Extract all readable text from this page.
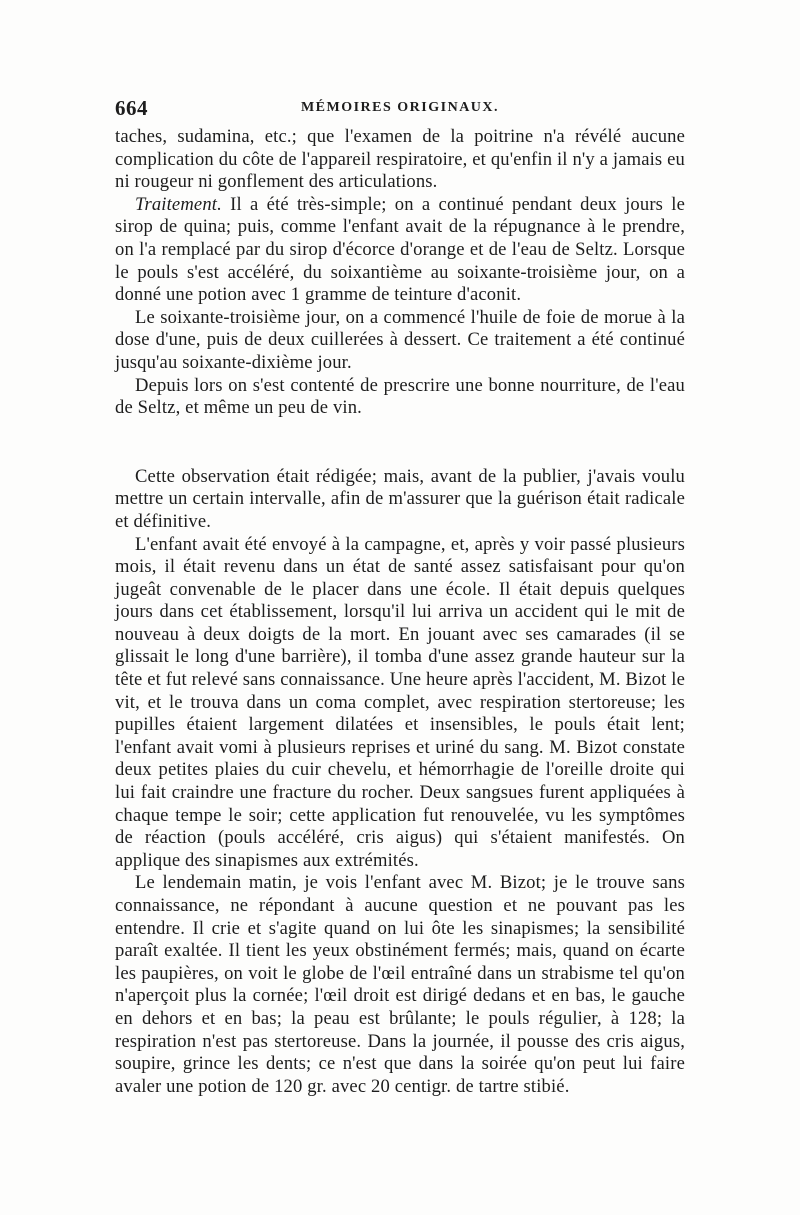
664	MÉMOIRES ORIGINAUX.

taches, sudamina, etc.; que l'examen de la poitrine n'a révélé aucune complication du côte de l'appareil respiratoire, et qu'enfin il n'y a jamais eu ni rougeur ni gonflement des articulations.

Traitement. Il a été très-simple; on a continué pendant deux jours le sirop de quina; puis, comme l'enfant avait de la répugnance à le prendre, on l'a remplacé par du sirop d'écorce d'orange et de l'eau de Seltz. Lorsque le pouls s'est accéléré, du soixantième au soixante-troisième jour, on a donné une potion avec 1 gramme de teinture d'aconit.

Le soixante-troisième jour, on a commencé l'huile de foie de morue à la dose d'une, puis de deux cuillerées à dessert. Ce traitement a été continué jusqu'au soixante-dixième jour.

Depuis lors on s'est contenté de prescrire une bonne nourriture, de l'eau de Seltz, et même un peu de vin.

Cette observation était rédigée; mais, avant de la publier, j'avais voulu mettre un certain intervalle, afin de m'assurer que la guérison était radicale et définitive.

L'enfant avait été envoyé à la campagne, et, après y voir passé plusieurs mois, il était revenu dans un état de santé assez satisfaisant pour qu'on jugeât convenable de le placer dans une école. Il était depuis quelques jours dans cet établissement, lorsqu'il lui arriva un accident qui le mit de nouveau à deux doigts de la mort. En jouant avec ses camarades (il se glissait le long d'une barrière), il tomba d'une assez grande hauteur sur la tête et fut relevé sans connaissance. Une heure après l'accident, M. Bizot le vit, et le trouva dans un coma complet, avec respiration stertoreuse; les pupilles étaient largement dilatées et insensibles, le pouls était lent; l'enfant avait vomi à plusieurs reprises et uriné du sang. M. Bizot constate deux petites plaies du cuir chevelu, et hémorrhagie de l'oreille droite qui lui fait craindre une fracture du rocher. Deux sangsues furent appliquées à chaque tempe le soir; cette application fut renouvelée, vu les symptômes de réaction (pouls accéléré, cris aigus) qui s'étaient manifestés. On applique des sinapismes aux extrémités.

Le lendemain matin, je vois l'enfant avec M. Bizot; je le trouve sans connaissance, ne répondant à aucune question et ne pouvant pas les entendre. Il crie et s'agite quand on lui ôte les sinapismes; la sensibilité paraît exaltée. Il tient les yeux obstinément fermés; mais, quand on écarte les paupières, on voit le globe de l'œil entraîné dans un strabisme tel qu'on n'aperçoit plus la cornée; l'œil droit est dirigé dedans et en bas, le gauche en dehors et en bas; la peau est brûlante; le pouls régulier, à 128; la respiration n'est pas stertoreuse. Dans la journée, il pousse des cris aigus, soupire, grince les dents; ce n'est que dans la soirée qu'on peut lui faire avaler une potion de 120 gr. avec 20 centigr. de tartre stibié.
